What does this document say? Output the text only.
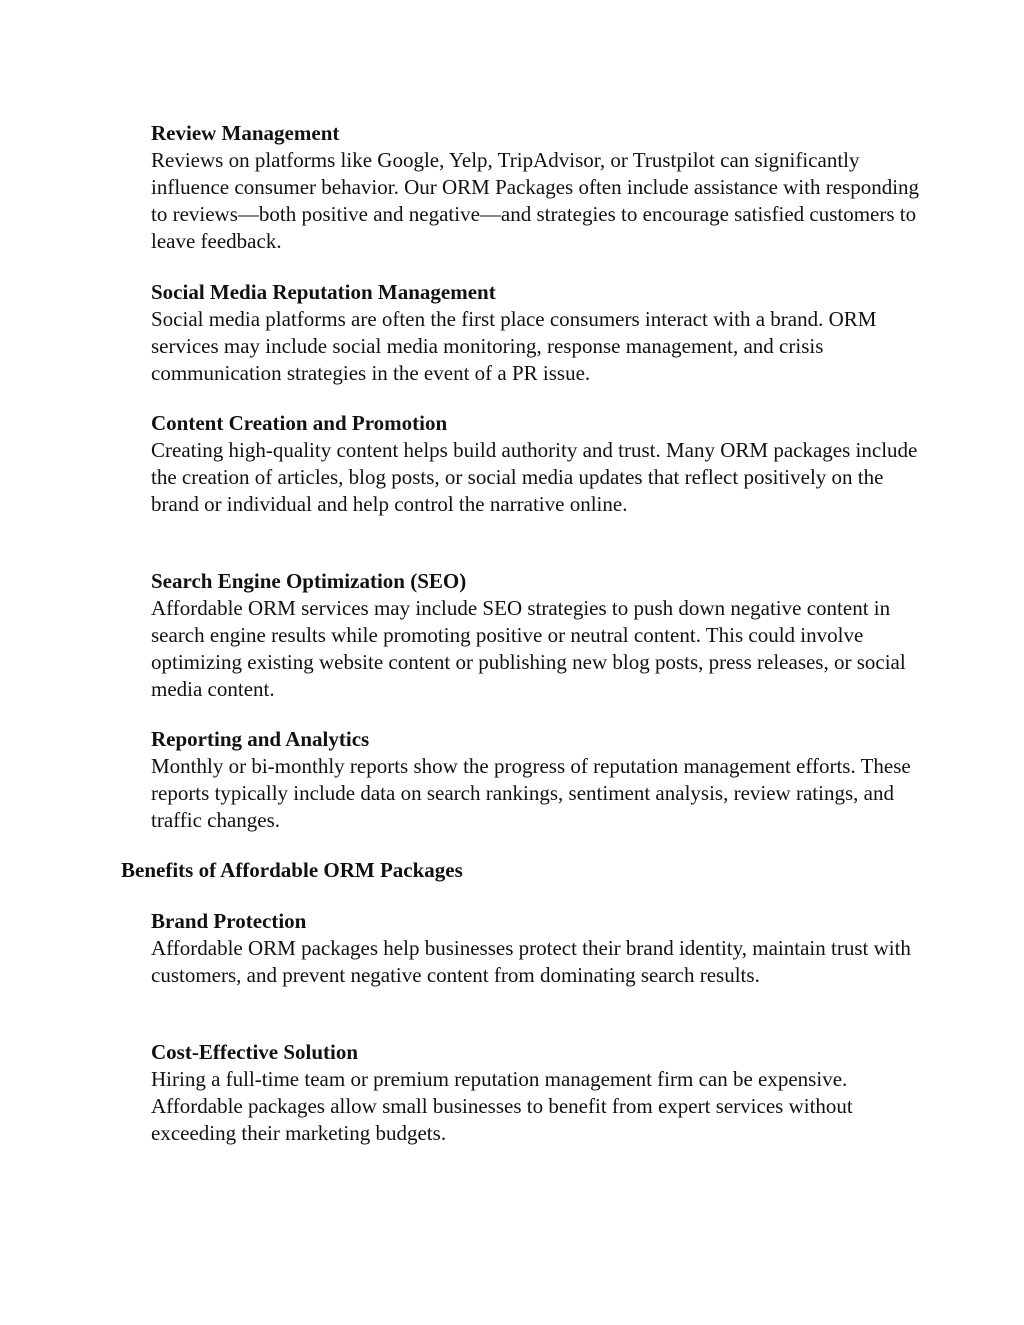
Review Management

Reviews on platforms like Google, Yelp, TripAdvisor, or Trustpilot can significantly influence consumer behavior. Our ORM Packages often include assistance with responding to reviews—both positive and negative—and strategies to encourage satisfied customers to leave feedback.

Social Media Reputation Management

Social media platforms are often the first place consumers interact with a brand. ORM services may include social media monitoring, response management, and crisis communication strategies in the event of a PR issue.

Content Creation and Promotion

Creating high-quality content helps build authority and trust. Many ORM packages include the creation of articles, blog posts, or social media updates that reflect positively on the brand or individual and help control the narrative online.

Search Engine Optimization (SEO)

Affordable ORM services may include SEO strategies to push down negative content in search engine results while promoting positive or neutral content. This could involve optimizing existing website content or publishing new blog posts, press releases, or social media content.

Reporting and Analytics

Monthly or bi-monthly reports show the progress of reputation management efforts. These reports typically include data on search rankings, sentiment analysis, review ratings, and traffic changes.

Benefits of Affordable ORM Packages
Brand Protection

Affordable ORM packages help businesses protect their brand identity, maintain trust with customers, and prevent negative content from dominating search results.

Cost-Effective Solution

Hiring a full-time team or premium reputation management firm can be expensive. Affordable packages allow small businesses to benefit from expert services without exceeding their marketing budgets.
